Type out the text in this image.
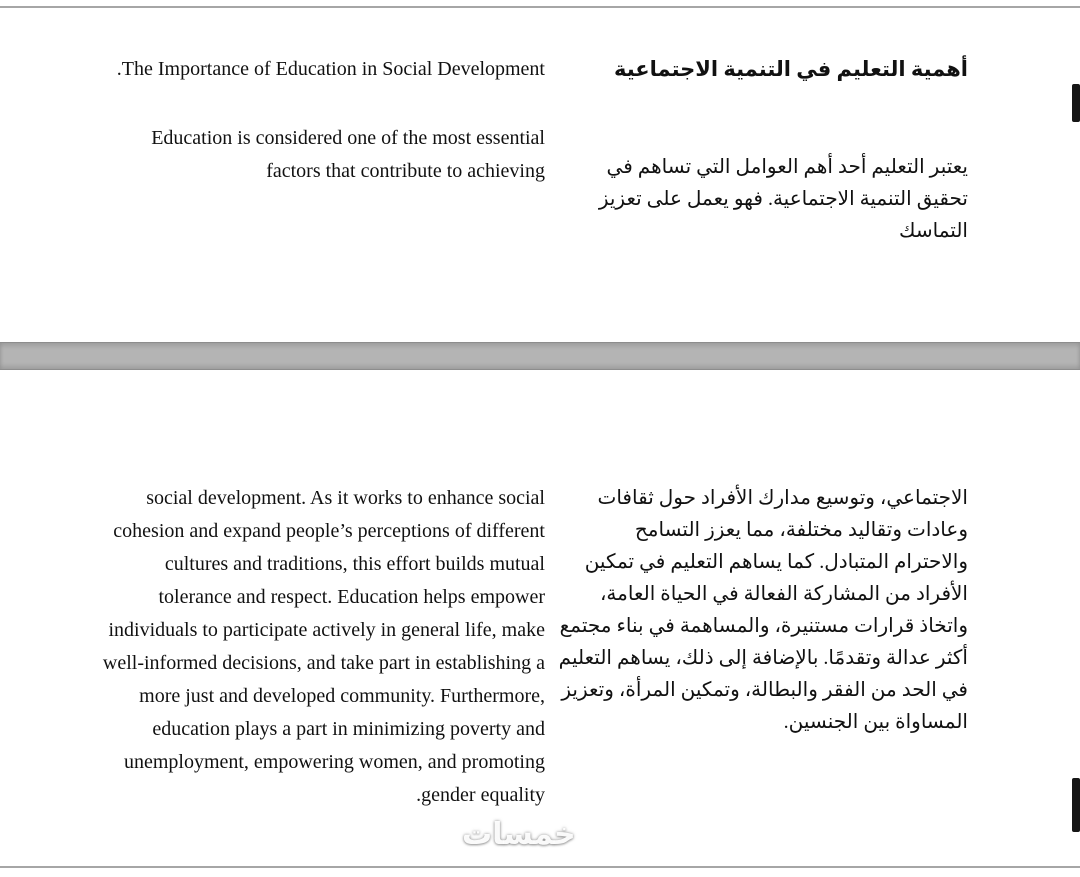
The Importance of Education in Social Development.

Education is considered one of the most essential factors that contribute to achieving

أهمية التعليم في التنمية الاجتماعية

يعتبر التعليم أحد أهم العوامل التي تساهم في تحقيق التنمية الاجتماعية. فهو يعمل على تعزيز التماسك

social development. As it works to enhance social cohesion and expand people’s perceptions of different cultures and traditions, this effort builds mutual tolerance and respect. Education helps empower individuals to participate actively in general life, make well-informed decisions, and take part in establishing a more just and developed community. Furthermore, education plays a part in minimizing poverty and unemployment, empowering women, and promoting gender equality.

الاجتماعي، وتوسيع مدارك الأفراد حول ثقافات وعادات وتقاليد مختلفة، مما يعزز التسامح والاحترام المتبادل. كما يساهم التعليم في تمكين الأفراد من المشاركة الفعالة في الحياة العامة، واتخاذ قرارات مستنيرة، والمساهمة في بناء مجتمع أكثر عدالة وتقدمًا. بالإضافة إلى ذلك، يساهم التعليم في الحد من الفقر والبطالة، وتمكين المرأة، وتعزيز المساواة بين الجنسين.

خمسات
